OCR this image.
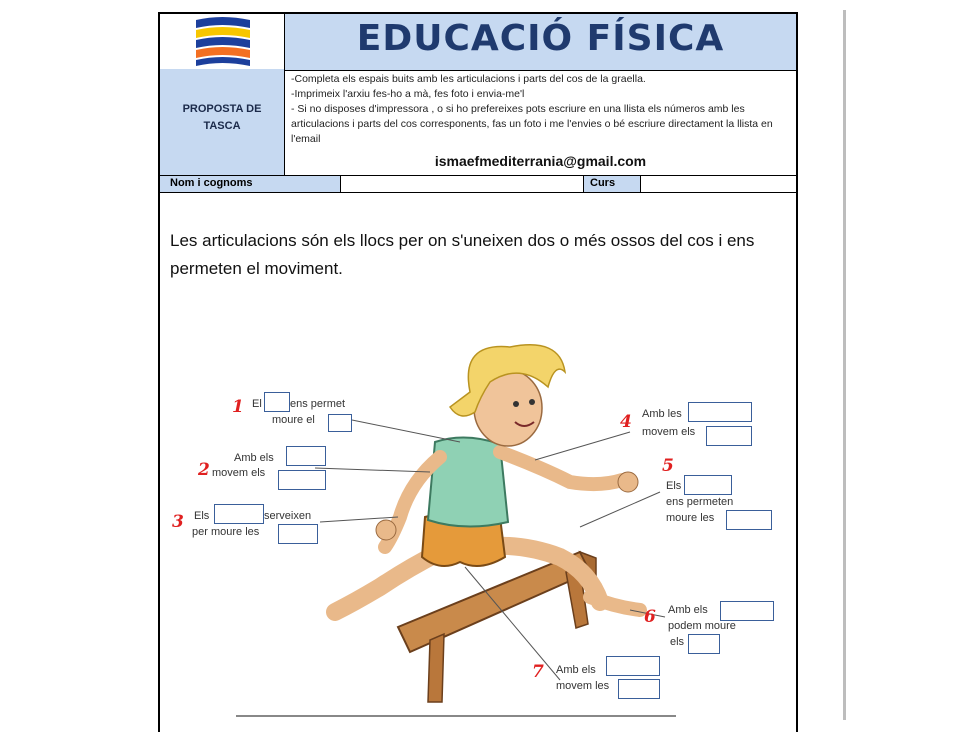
EDUCACIÓ FÍSICA
PROPOSTA DE TASCA

-Completa els espais buits amb les articulacions i parts del cos de la graella.

-Imprimeix l'arxiu fes-ho a mà, fes foto i envia-me'l

- Si no disposes d'impressora , o si ho prefereixes pots escriure en una llista els números amb les articulacions i parts del cos corresponents, fas un foto i me l'envies o bé escriure directament la llista en l'email

ismaefmediterrania@gmail.com
Nom i cognoms	Curs
Les articulacions són els llocs per on s'uneixen dos o més ossos del cos i ens permeten el moviment.
1 El	ens permet
moure el
2
Amb els
movem els
3 Els	serveixen
per moure les
4 Amb les
movem els
5
Els
ens permeten
moure les
6 Amb els
podem moure
els
7 Amb els
movem les
